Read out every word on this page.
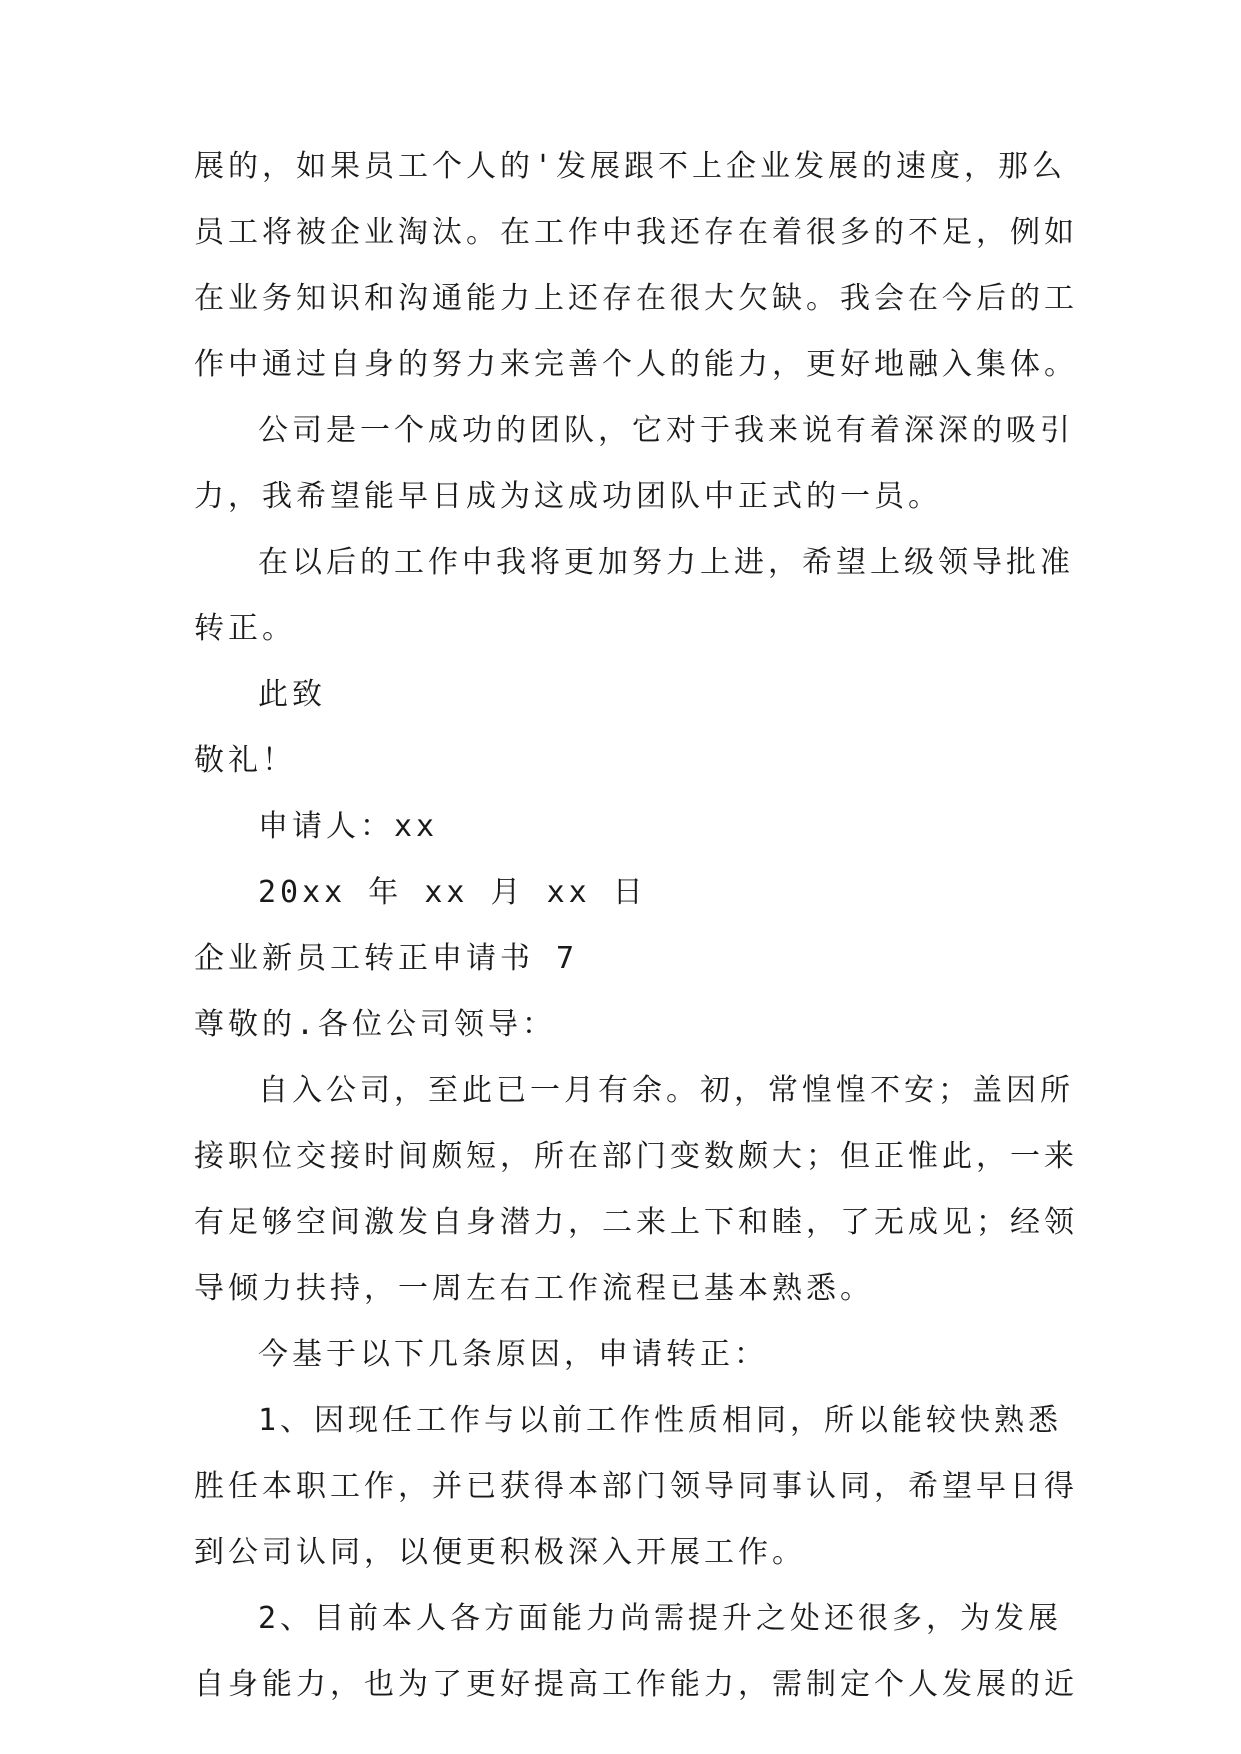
展的，如果员工个人的'发展跟不上企业发展的速度，那么
员工将被企业淘汰。在工作中我还存在着很多的不足，例如
在业务知识和沟通能力上还存在很大欠缺。我会在今后的工
作中通过自身的努力来完善个人的能力，更好地融入集体。
公司是一个成功的团队，它对于我来说有着深深的吸引
力，我希望能早日成为这成功团队中正式的一员。
在以后的工作中我将更加努力上进，希望上级领导批准
转正。
此致
敬礼！
申请人：xx
20xx 年 xx 月 xx 日
企业新员工转正申请书 7
尊敬的.各位公司领导：
自入公司，至此已一月有余。初，常惶惶不安；盖因所
接职位交接时间颇短，所在部门变数颇大；但正惟此，一来
有足够空间激发自身潜力，二来上下和睦，了无成见；经领
导倾力扶持，一周左右工作流程已基本熟悉。
今基于以下几条原因，申请转正：
1、因现任工作与以前工作性质相同，所以能较快熟悉
胜任本职工作，并已获得本部门领导同事认同，希望早日得
到公司认同，以便更积极深入开展工作。
2、目前本人各方面能力尚需提升之处还很多，为发展
自身能力，也为了更好提高工作能力，需制定个人发展的近
